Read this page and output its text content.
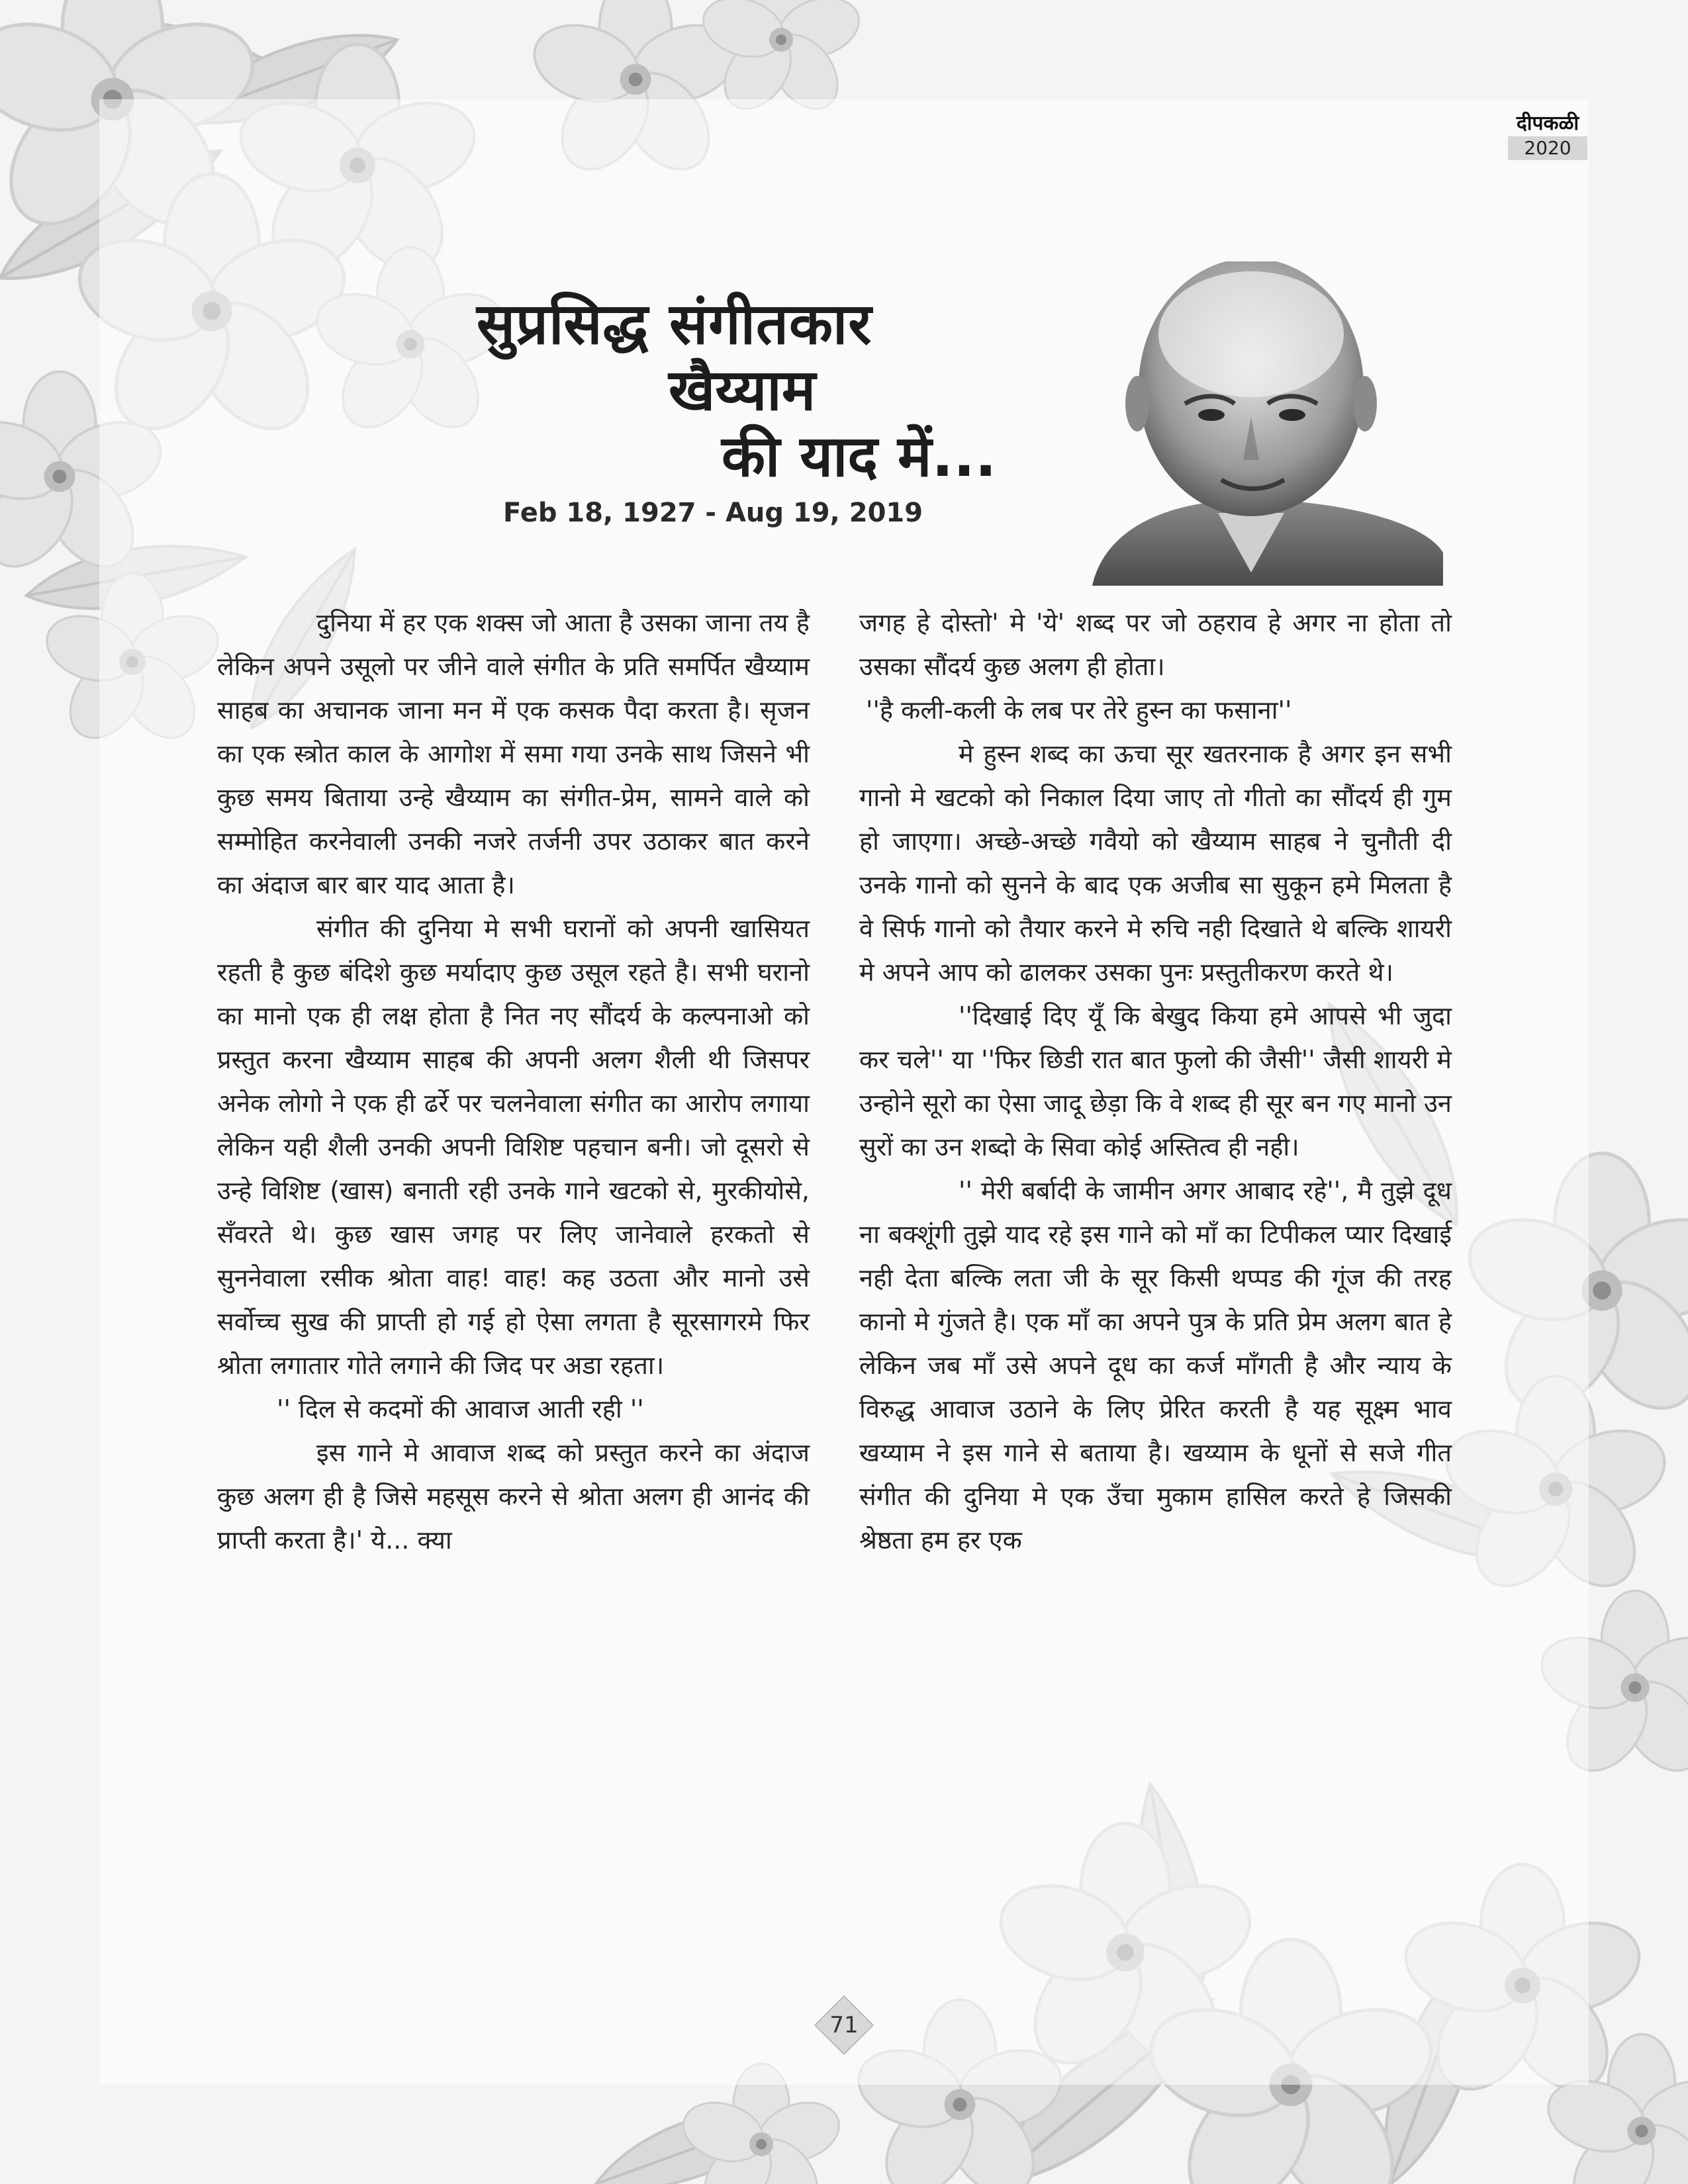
दीपकळी
2020
सुप्रसिद्ध संगीतकार
खैय्याम
की याद में...
Feb 18, 1927 - Aug 19, 2019

दुनिया में हर एक शक्स जो आता है उसका जाना तय है लेकिन अपने उसूलो पर जीने वाले संगीत के प्रति समर्पित खैय्याम साहब का अचानक जाना मन में एक कसक पैदा करता है। सृजन का एक स्त्रोत काल के आगोश में समा गया उनके साथ जिसने भी कुछ समय बिताया उन्हे खैय्याम का संगीत-प्रेम, सामने वाले को सम्मोहित करनेवाली उनकी नजरे तर्जनी उपर उठाकर बात करने का अंदाज बार बार याद आता है।

संगीत की दुनिया मे सभी घरानों को अपनी खासियत रहती है कुछ बंदिशे कुछ मर्यादाए कुछ उसूल रहते है। सभी घरानो का मानो एक ही लक्ष होता है नित नए सौंदर्य के कल्पनाओ को प्रस्तुत करना खैय्याम साहब की अपनी अलग शैली थी जिसपर अनेक लोगो ने एक ही ढर्रे पर चलनेवाला संगीत का आरोप लगाया लेकिन यही शैली उनकी अपनी विशिष्ट पहचान बनी। जो दूसरो से उन्हे विशिष्ट (खास) बनाती रही उनके गाने खटको से, मुरकीयोसे, सँवरते थे। कुछ खास जगह पर लिए जानेवाले हरकतो से सुननेवाला रसीक श्रोता वाह! वाह! कह उठता और मानो उसे सर्वोच्च सुख की प्राप्ती हो गई हो ऐसा लगता है सूरसागरमे फिर श्रोता लगातार गोते लगाने की जिद पर अडा रहता।

'' दिल से कदमों की आवाज आती रही ''

इस गाने मे आवाज शब्द को प्रस्तुत करने का अंदाज कुछ अलग ही है जिसे महसूस करने से श्रोता अलग ही आनंद की प्राप्ती करता है।' ये... क्या

जगह हे दोस्तो' मे 'ये' शब्द पर जो ठहराव हे अगर ना होता तो उसका सौंदर्य कुछ अलग ही होता।

''है कली-कली के लब पर तेरे हुस्न का फसाना''

मे हुस्न शब्द का ऊचा सूर खतरनाक है अगर इन सभी गानो मे खटको को निकाल दिया जाए तो गीतो का सौंदर्य ही गुम हो जाएगा। अच्छे-अच्छे गवैयो को खैय्याम साहब ने चुनौती दी उनके गानो को सुनने के बाद एक अजीब सा सुकून हमे मिलता है वे सिर्फ गानो को तैयार करने मे रुचि नही दिखाते थे बल्कि शायरी मे अपने आप को ढालकर उसका पुनः प्रस्तुतीकरण करते थे।

''दिखाई दिए यूँ कि बेखुद किया हमे आपसे भी जुदा कर चले'' या ''फिर छिडी रात बात फुलो की जैसी'' जैसी शायरी मे उन्होने सूरो का ऐसा जादू छेड़ा कि वे शब्द ही सूर बन गए मानो उन सुरों का उन शब्दो के सिवा कोई अस्तित्व ही नही।

'' मेरी बर्बादी के जामीन अगर आबाद रहे'', मै तुझे दूध ना बक्शूंगी तुझे याद रहे इस गाने को माँ का टिपीकल प्यार दिखाई नही देता बल्कि लता जी के सूर किसी थप्पड की गूंज की तरह कानो मे गुंजते है। एक माँ का अपने पुत्र के प्रति प्रेम अलग बात हे लेकिन जब माँ उसे अपने दूध का कर्ज माँगती है और न्याय के विरुद्ध आवाज उठाने के लिए प्रेरित करती है यह सूक्ष्म भाव खय्याम ने इस गाने से बताया है। खय्याम के धूनों से सजे गीत संगीत की दुनिया मे एक उँचा मुकाम हासिल करते हे जिसकी श्रेष्ठता हम हर एक

71
